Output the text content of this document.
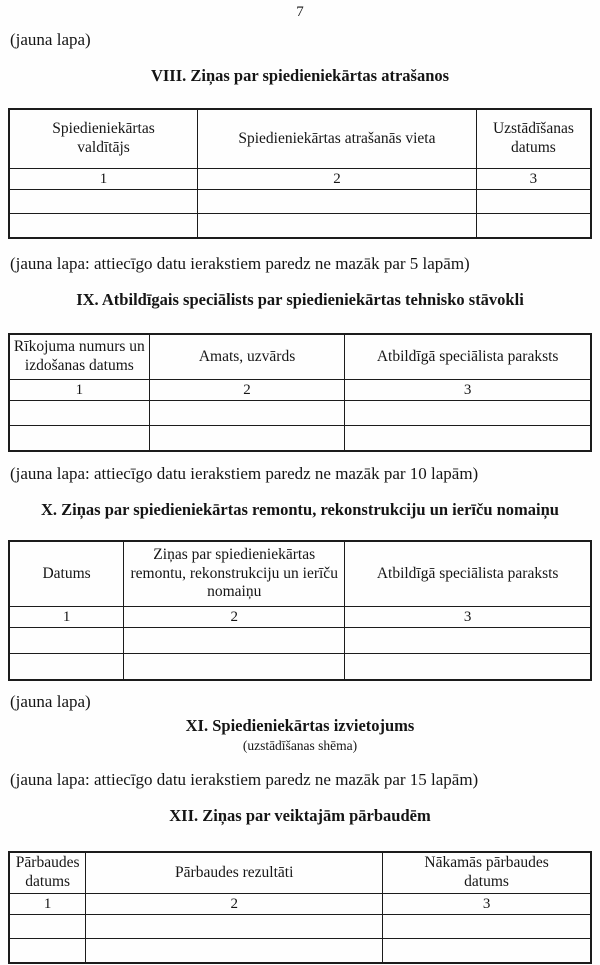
7
(jauna lapa)
VIII. Ziņas par spiedieniekārtas atrašanos
Spiedieniekārtas valdītājs	Spiedieniekārtas atrašanās vieta	Uzstādīšanas datums
1	2	3

(jauna lapa: attiecīgo datu ierakstiem paredz ne mazāk par 5 lapām)
IX. Atbildīgais speciālists par spiedieniekārtas tehnisko stāvokli
Rīkojuma numurs un izdošanas datums	Amats, uzvārds	Atbildīgā speciālista paraksts
1	2	3

(jauna lapa: attiecīgo datu ierakstiem paredz ne mazāk par 10 lapām)
X. Ziņas par spiedieniekārtas remontu, rekonstrukciju un ierīču nomaiņu
Datums	Ziņas par spiedieniekārtas remontu, rekonstrukciju un ierīču nomaiņu	Atbildīgā speciālista paraksts
1	2	3

(jauna lapa)
XI. Spiedieniekārtas izvietojums
(uzstādīšanas shēma)
(jauna lapa: attiecīgo datu ierakstiem paredz ne mazāk par 15 lapām)
XII. Ziņas par veiktajām pārbaudēm
Pārbaudes datums	Pārbaudes rezultāti	Nākamās pārbaudes datums
1	2	3
